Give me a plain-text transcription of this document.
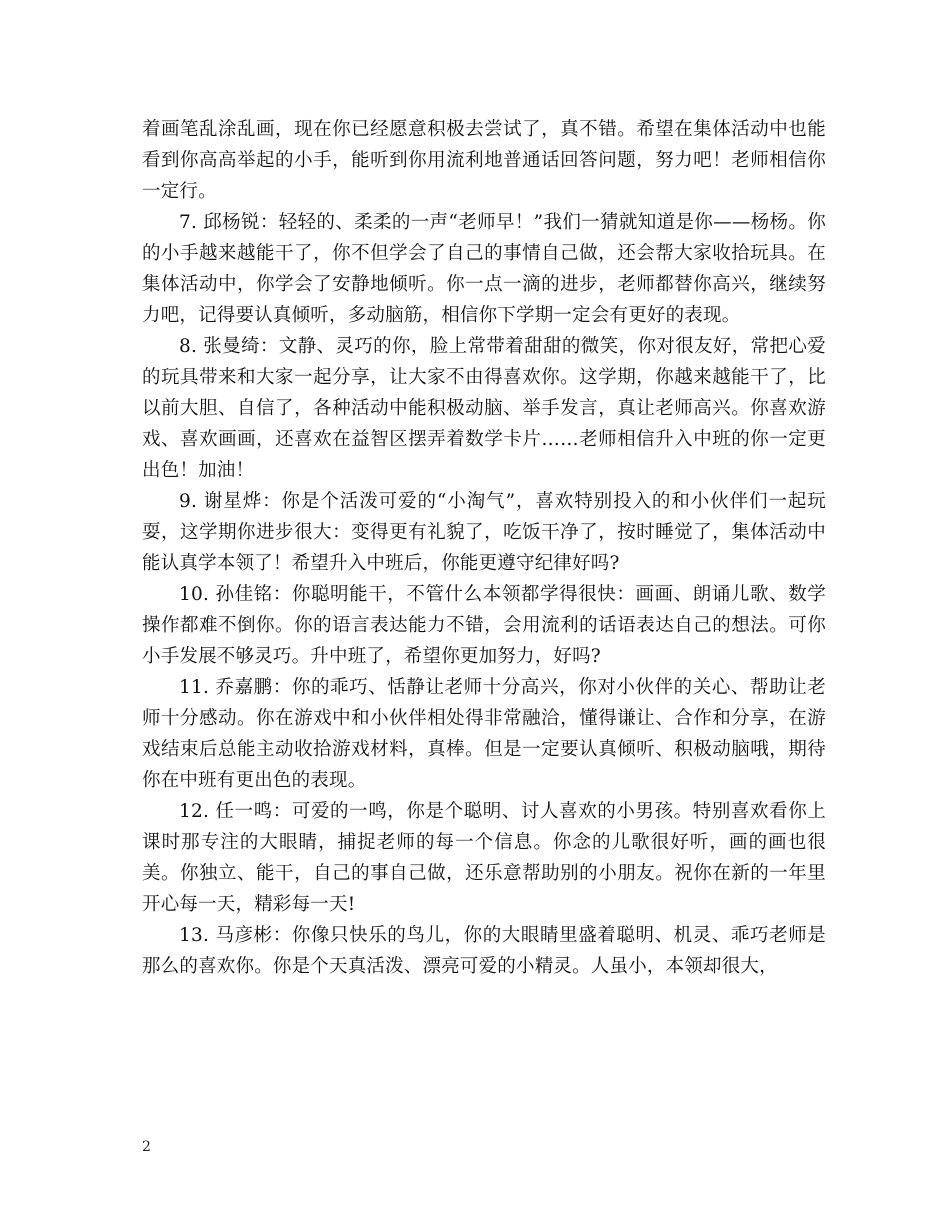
着画笔乱涂乱画，现在你已经愿意积极去尝试了，真不错。希望在集体活动中也能看到你高高举起的小手，能听到你用流利地普通话回答问题，努力吧！老师相信你一定行。

7. 邱杨锐：轻轻的、柔柔的一声“老师早！”我们一猜就知道是你——杨杨。你的小手越来越能干了，你不但学会了自己的事情自己做，还会帮大家收拾玩具。在集体活动中，你学会了安静地倾听。你一点一滴的进步，老师都替你高兴，继续努力吧，记得要认真倾听，多动脑筋，相信你下学期一定会有更好的表现。

8. 张曼绮：文静、灵巧的你，脸上常带着甜甜的微笑，你对很友好，常把心爱的玩具带来和大家一起分享，让大家不由得喜欢你。这学期，你越来越能干了，比以前大胆、自信了，各种活动中能积极动脑、举手发言，真让老师高兴。你喜欢游戏、喜欢画画，还喜欢在益智区摆弄着数学卡片……老师相信升入中班的你一定更出色！加油！

9. 谢星烨：你是个活泼可爱的“小淘气”，喜欢特别投入的和小伙伴们一起玩耍，这学期你进步很大：变得更有礼貌了，吃饭干净了，按时睡觉了，集体活动中能认真学本领了！希望升入中班后，你能更遵守纪律好吗?

10. 孙佳铭：你聪明能干，不管什么本领都学得很快：画画、朗诵儿歌、数学操作都难不倒你。你的语言表达能力不错，会用流利的话语表达自己的想法。可你小手发展不够灵巧。升中班了，希望你更加努力，好吗?

11. 乔嘉鹏：你的乖巧、恬静让老师十分高兴，你对小伙伴的关心、帮助让老师十分感动。你在游戏中和小伙伴相处得非常融洽，懂得谦让、合作和分享，在游戏结束后总能主动收拾游戏材料，真棒。但是一定要认真倾听、积极动脑哦，期待你在中班有更出色的表现。

12. 任一鸣：可爱的一鸣，你是个聪明、讨人喜欢的小男孩。特别喜欢看你上课时那专注的大眼睛，捕捉老师的每一个信息。你念的儿歌很好听，画的画也很美。你独立、能干，自己的事自己做，还乐意帮助别的小朋友。祝你在新的一年里开心每一天，精彩每一天!

13. 马彦彬：你像只快乐的鸟儿，你的大眼睛里盛着聪明、机灵、乖巧老师是那么的喜欢你。你是个天真活泼、漂亮可爱的小精灵。人虽小，本领却很大，

2
